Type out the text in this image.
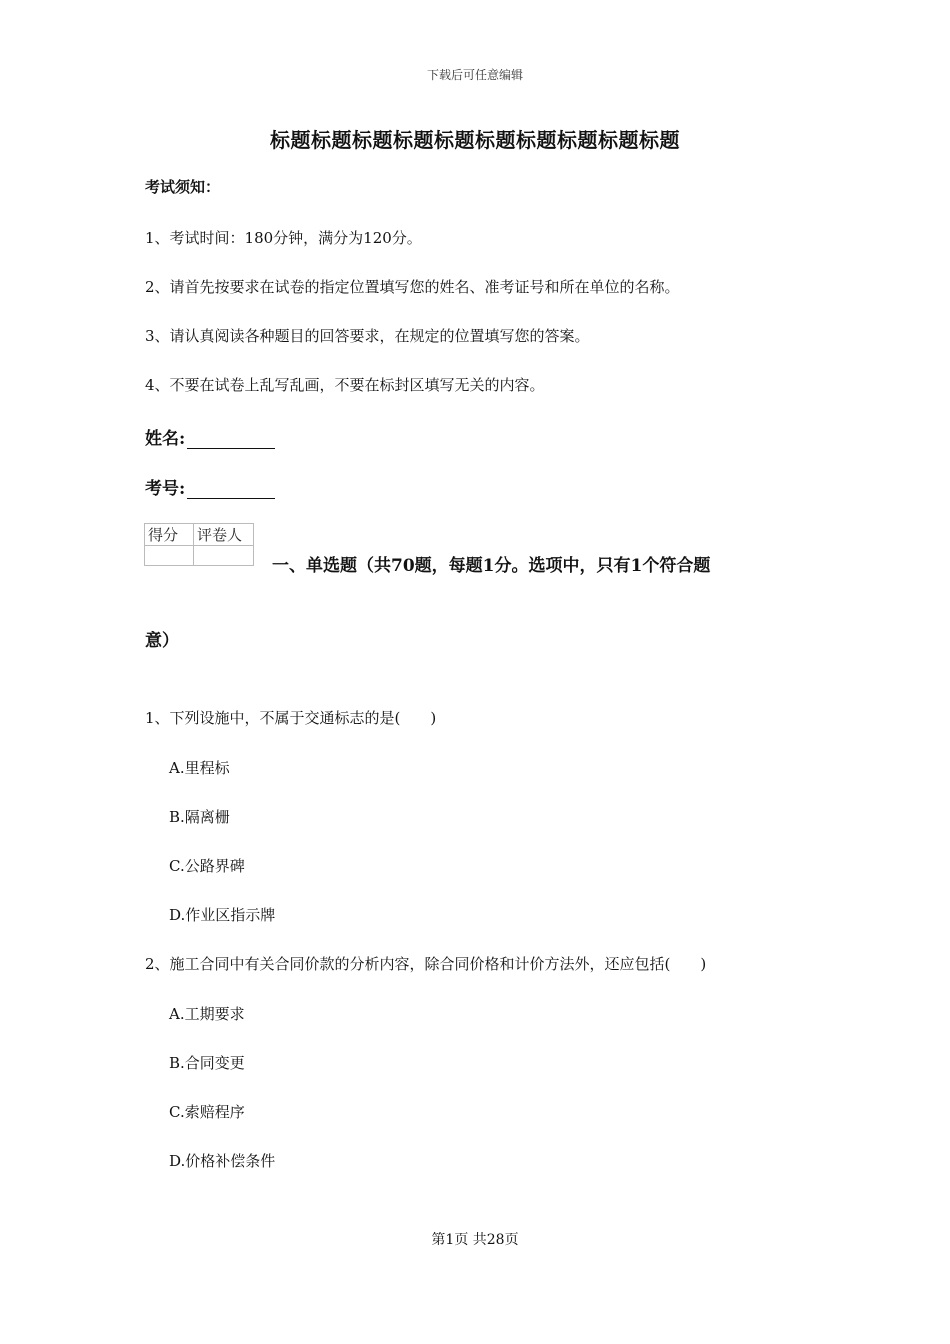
下载后可任意编辑
标题标题标题标题标题标题标题标题标题标题
考试须知：
1、考试时间：180分钟，满分为120分。
2、请首先按要求在试卷的指定位置填写您的姓名、准考证号和所在单位的名称。
3、请认真阅读各种题目的回答要求，在规定的位置填写您的答案。
4、不要在试卷上乱写乱画，不要在标封区填写无关的内容。
姓名:
考号:
得分	评卷人

一、单选题（共70题，每题1分。选项中，只有1个符合题
意）
1、下列设施中，不属于交通标志的是(　　)
A.里程标
B.隔离栅
C.公路界碑
D.作业区指示牌
2、施工合同中有关合同价款的分析内容，除合同价格和计价方法外，还应包括(　　)
A.工期要求
B.合同变更
C.索赔程序
D.价格补偿条件
第1页 共28页
